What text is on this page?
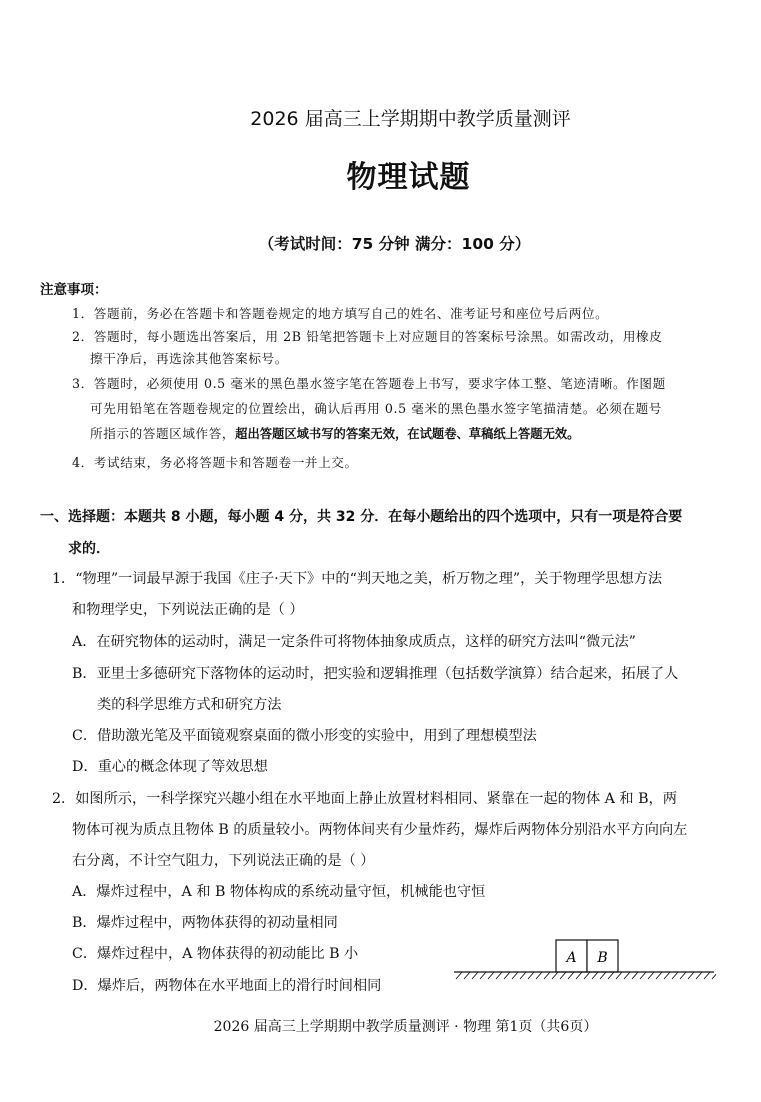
2026 届高三上学期期中教学质量测评
物理试题
（考试时间：75 分钟 满分：100 分）
注意事项：
1．答题前，务必在答题卡和答题卷规定的地方填写自己的姓名、准考证号和座位号后两位。
2．答题时，每小题选出答案后，用 2B 铅笔把答题卡上对应题目的答案标号涂黑。如需改动，用橡皮
擦干净后，再选涂其他答案标号。
3．答题时，必须使用 0.5 毫米的黑色墨水签字笔在答题卷上书写，要求字体工整、笔迹清晰。作图题
可先用铅笔在答题卷规定的位置绘出，确认后再用 0.5 毫米的黑色墨水签字笔描清楚。必须在题号
所指示的答题区域作答，超出答题区域书写的答案无效，在试题卷、草稿纸上答题无效。
4．考试结束，务必将答题卡和答题卷一并上交。
一、选择题：本题共 8 小题，每小题 4 分，共 32 分．在每小题给出的四个选项中，只有一项是符合要
求的．
1．“物理”一词最早源于我国《庄子·天下》中的“判天地之美，析万物之理”，关于物理学思想方法
和物理学史，下列说法正确的是（ ）
A．在研究物体的运动时，满足一定条件可将物体抽象成质点，这样的研究方法叫“微元法”
B．亚里士多德研究下落物体的运动时，把实验和逻辑推理（包括数学演算）结合起来，拓展了人
类的科学思维方式和研究方法
C．借助激光笔及平面镜观察桌面的微小形变的实验中，用到了理想模型法
D．重心的概念体现了等效思想
2．如图所示，一科学探究兴趣小组在水平地面上静止放置材料相同、紧靠在一起的物体 A 和 B，两
物体可视为质点且物体 B 的质量较小。两物体间夹有少量炸药，爆炸后两物体分别沿水平方向向左
右分离，不计空气阻力，下列说法正确的是（ ）
A．爆炸过程中，A 和 B 物体构成的系统动量守恒，机械能也守恒
B．爆炸过程中，两物体获得的初动量相同
C．爆炸过程中，A 物体获得的初动能比 B 小
D．爆炸后，两物体在水平地面上的滑行时间相同
A B
2026 届高三上学期期中教学质量测评 · 物理 第1页（共6页）
